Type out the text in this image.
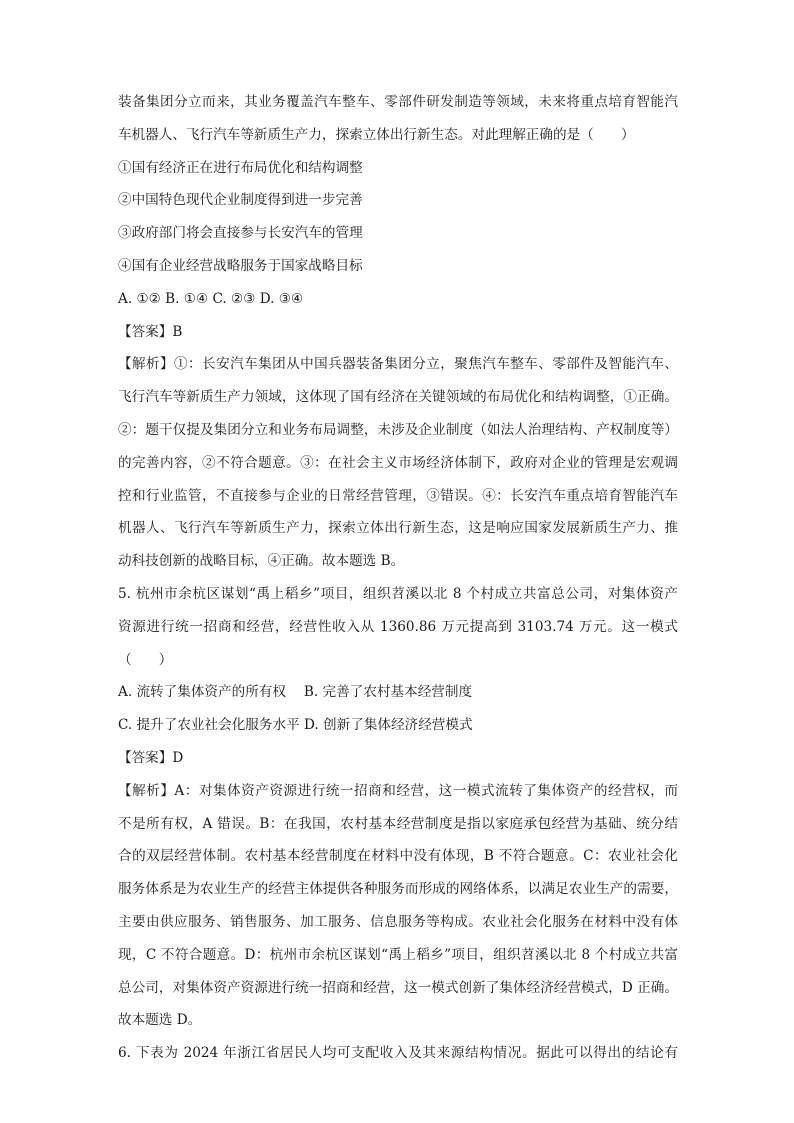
装备集团分立而来，其业务覆盖汽车整车、零部件研发制造等领域，未来将重点培育智能汽
车机器人、飞行汽车等新质生产力，探索立体出行新生态。对此理解正确的是（　　）
①国有经济正在进行布局优化和结构调整
②中国特色现代企业制度得到进一步完善
③政府部门将会直接参与长安汽车的管理
④国有企业经营战略服务于国家战略目标
A. ①② B. ①④ C. ②③ D. ③④
【答案】B
【解析】①：长安汽车集团从中国兵器装备集团分立，聚焦汽车整车、零部件及智能汽车、
飞行汽车等新质生产力领域，这体现了国有经济在关键领域的布局优化和结构调整，①正确。
②：题干仅提及集团分立和业务布局调整，未涉及企业制度（如法人治理结构、产权制度等）
的完善内容，②不符合题意。③：在社会主义市场经济体制下，政府对企业的管理是宏观调
控和行业监管，不直接参与企业的日常经营管理，③错误。④：长安汽车重点培育智能汽车
机器人、飞行汽车等新质生产力，探索立体出行新生态，这是响应国家发展新质生产力、推
动科技创新的战略目标，④正确。故本题选 B。
5. 杭州市余杭区谋划“禹上稻乡”项目，组织苕溪以北 8 个村成立共富总公司，对集体资产
资源进行统一招商和经营，经营性收入从 1360.86 万元提高到 3103.74 万元。这一模式
（　　）
A. 流转了集体资产的所有权　 B. 完善了农村基本经营制度
C. 提升了农业社会化服务水平 D. 创新了集体经济经营模式
【答案】D
【解析】A：对集体资产资源进行统一招商和经营，这一模式流转了集体资产的经营权，而
不是所有权，A 错误。B：在我国，农村基本经营制度是指以家庭承包经营为基础、统分结
合的双层经营体制。农村基本经营制度在材料中没有体现，B 不符合题意。C：农业社会化
服务体系是为农业生产的经营主体提供各种服务而形成的网络体系，以满足农业生产的需要，
主要由供应服务、销售服务、加工服务、信息服务等构成。农业社会化服务在材料中没有体
现，C 不符合题意。D：杭州市余杭区谋划“禹上稻乡”项目，组织苕溪以北 8 个村成立共富
总公司，对集体资产资源进行统一招商和经营，这一模式创新了集体经济经营模式，D 正确。
故本题选 D。
6. 下表为 2024 年浙江省居民人均可支配收入及其来源结构情况。据此可以得出的结论有
